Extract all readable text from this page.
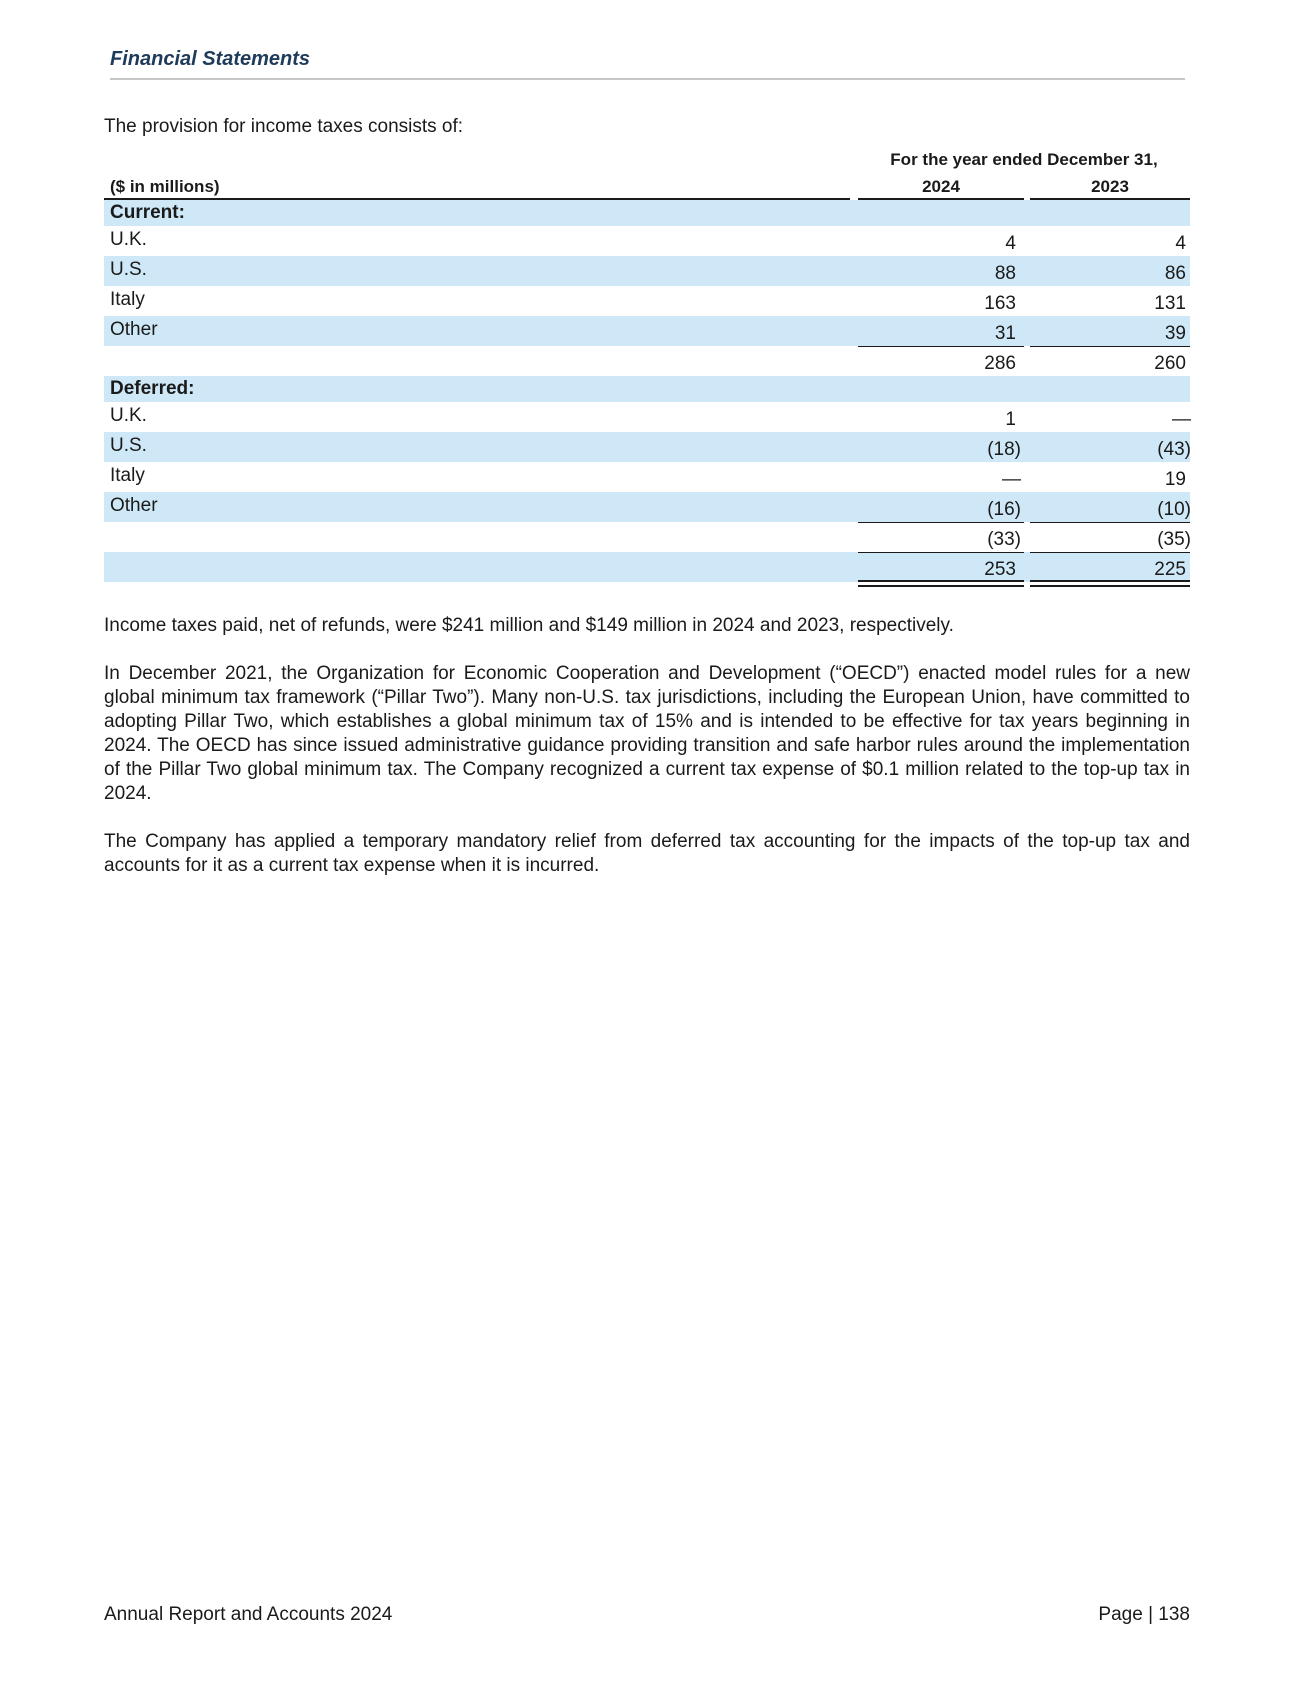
Financial Statements
The provision for income taxes consists of:
For the year ended December 31,
($ in millions)	2024	2023
Current:
U.K.	4	4
U.S.	88	86
Italy	163	131
Other	31	39
286	260
Deferred:
U.K.	1	—
U.S.	(18)	(43)
Italy	—	19
Other	(16)	(10)
(33)	(35)
253	225
Income taxes paid, net of refunds, were $241 million and $149 million in 2024 and 2023, respectively.
In December 2021, the Organization for Economic Cooperation and Development (“OECD”) enacted model rules for a new global minimum tax framework (“Pillar Two”). Many non-U.S. tax jurisdictions, including the European Union, have committed to adopting Pillar Two, which establishes a global minimum tax of 15% and is intended to be effective for tax years beginning in 2024. The OECD has since issued administrative guidance providing transition and safe harbor rules around the implementation of the Pillar Two global minimum tax. The Company recognized a current tax expense of $0.1 million related to the top-up tax in 2024.
The Company has applied a temporary mandatory relief from deferred tax accounting for the impacts of the top-up tax and accounts for it as a current tax expense when it is incurred.
Annual Report and Accounts 2024	Page | 138
